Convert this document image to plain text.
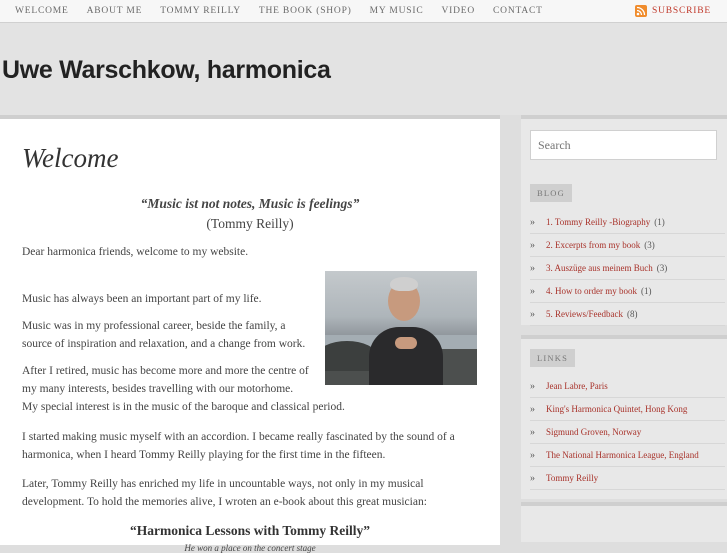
WELCOME	ABOUT ME	TOMMY REILLY	THE BOOK (SHOP)	MY MUSIC	VIDEO	CONTACT	SUBSCRIBE
Uwe Warschkow, harmonica
Welcome

“Music ist not notes, Music is feelings”

(Tommy Reilly)

Dear harmonica friends, welcome to my website.

Music has always been an important part of my life.

Music was in my professional career, beside the family, a

source of inspiration and relaxation, and a change from work.

After I retired, music has become more and more the centre of

my many interests, besides travelling with our motorhome.

My special interest is in the music of the baroque and classical period.

I started making music myself with an accordion. I became really fascinated by the sound of a

harmonica, when I heard Tommy Reilly playing for the first time in the fifteen.

Later, Tommy Reilly has enriched my life in uncountable ways, not only in my musical

development. To hold the memories alive, I wroten an e-book about this great musician:

“Harmonica Lessons with Tommy Reilly”

He won a place on the concert stage

Search
BLOG
»	1. Tommy Reilly -Biography (1)
»	2. Excerpts from my book (3)
»	3. Auszüge aus meinem Buch (3)
»	4. How to order my book (1)
»	5. Reviews/Feedback (8)
LINKS
»	Jean Labre, Paris
»	King's Harmonica Quintet, Hong Kong
»	Sigmund Groven, Norway
»	The National Harmonica League, England
»	Tommy Reilly
